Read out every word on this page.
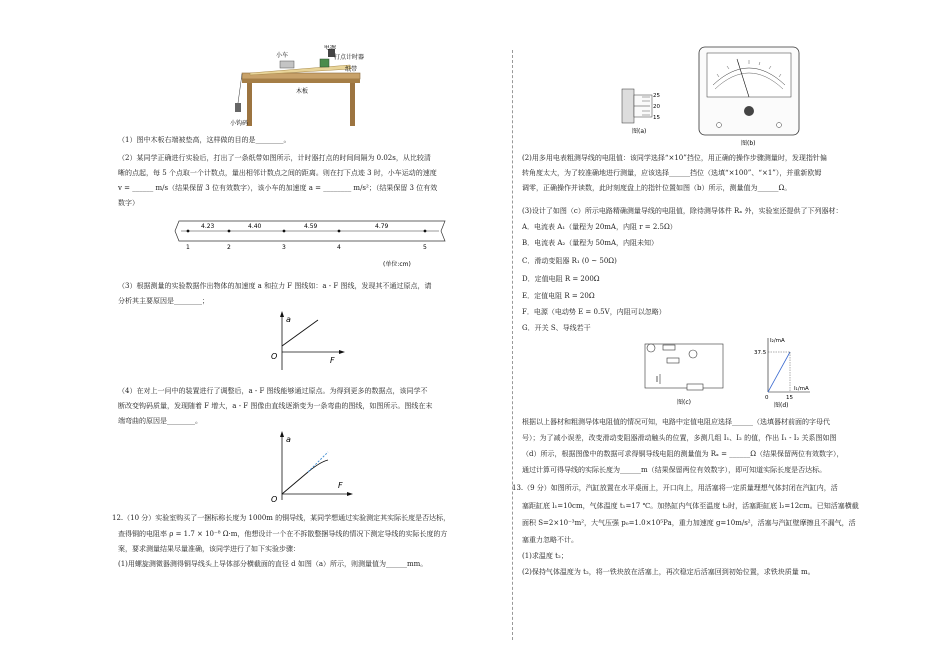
电源
小车	打点计时器
纸带
木板
小钩码

（1）图中木板右端被垫高，这样做的目的是________。

（2）某同学正确进行实验后，打出了一条纸带如图所示，计时器打点的时间间隔为 0.02s，从比较清

晰的点起，每 5 个点取一个计数点，量出相邻计数点之间的距离。则在打下点迹 3 时，小车运动的速度

v = ______ m/s（结果保留 3 位有效数字），该小车的加速度 a = ________ m/s²；（结果保留 3 位有效

数字）

4.23	4.40	4.59	4.79
1	2	3	4	5
(单位:cm)

（3）根据测量的实验数据作出物体的加速度 a 和拉力 F 图线如：a - F 图线，发现其不通过原点，请

分析其主要原因是________；

a
O	F

（4）在对上一问中的装置进行了调整后，a - F 图线能够通过原点。为得到更多的数据点，该同学不

断改变钩码质量，发现随着 F 增大，a - F 图像由直线逐渐变为一条弯曲的图线，如图所示。图线在末

端弯曲的原因是________。

a
O
F

12.（10 分）实验室购买了一捆标称长度为 1000m 的铜导线，某同学想通过实验测定其实际长度是否达标，

查得铜的电阻率 ρ = 1.7 × 10⁻⁸ Ω·m，他想设计一个在不拆散整捆导线的情况下测定导线的实际长度的方

案，要求测量结果尽量准确，该同学进行了如下实验步骤：

(1)用螺旋测微器测得铜导线头上导体部分横截面的直径 d 如图（a）所示，则测量值为______mm。

25
20
15
图(a)
图(b)

(2)用多用电表粗测导线的电阻值：该同学选择“×10”挡位，用正确的操作步骤测量时，发现指针偏

转角度太大，为了较准确地进行测量，应该选择______挡位（选填“×100”、“×1”），并重新欧姆

调零，正确操作并读数，此时刻度盘上的指针位置如图（b）所示，测量值为______Ω。

(3)设计了如图（c）所示电路精确测量导线的电阻值，除待测导体件 Rₓ 外，实验室还提供了下列器材：

A．电流表 A₁（量程为 20mA，内阻 r = 2.5Ω）

B．电流表 A₂（量程为 50mA，内阻未知）

C．滑动变阻器 R₁ (0 ~ 50Ω)

D．定值电阻 R = 200Ω

E．定值电阻 R = 20Ω

F．电源（电动势 E = 0.5V，内阻可以忽略）

G．开关 S、导线若干

图(c)
I₂/mA
37.5
0	15
I₁/mA
图(d)

根据以上器材和粗测导体电阻值的情况可知，电路中定值电阻应选择______（选填器材前面的字母代

号）；为了减小误差，改变滑动变阻器滑动触头的位置，多测几组 I₁、I₂ 的值，作出 I₁ - I₂ 关系图如图

（d）所示，根据图像中的数据可求得铜导线电阻的测量值为 Rₓ = ______Ω（结果保留两位有效数字），

通过计算可得导线的实际长度为______m（结果保留两位有效数字），即可知道实际长度是否达标。

13.（9 分）如图所示，汽缸放置在水平桌面上，开口向上，用活塞将一定质量理想气体封闭在汽缸内，活

塞距缸底 l₁=10cm，气体温度 t₁=17 ℃。加热缸内气体至温度 t₂时，活塞距缸底 l₂=12cm。已知活塞横截

面积 S=2×10⁻³m²，大气压强 p₀=1.0×10⁵Pa，重力加速度 g=10m/s²，活塞与汽缸壁摩擦且不漏气，活

塞重力忽略不计。

(1)求温度 t₂；

(2)保持气体温度为 t₂，将一铁块放在活塞上，再次稳定后活塞回到初始位置，求铁块质量 m。
